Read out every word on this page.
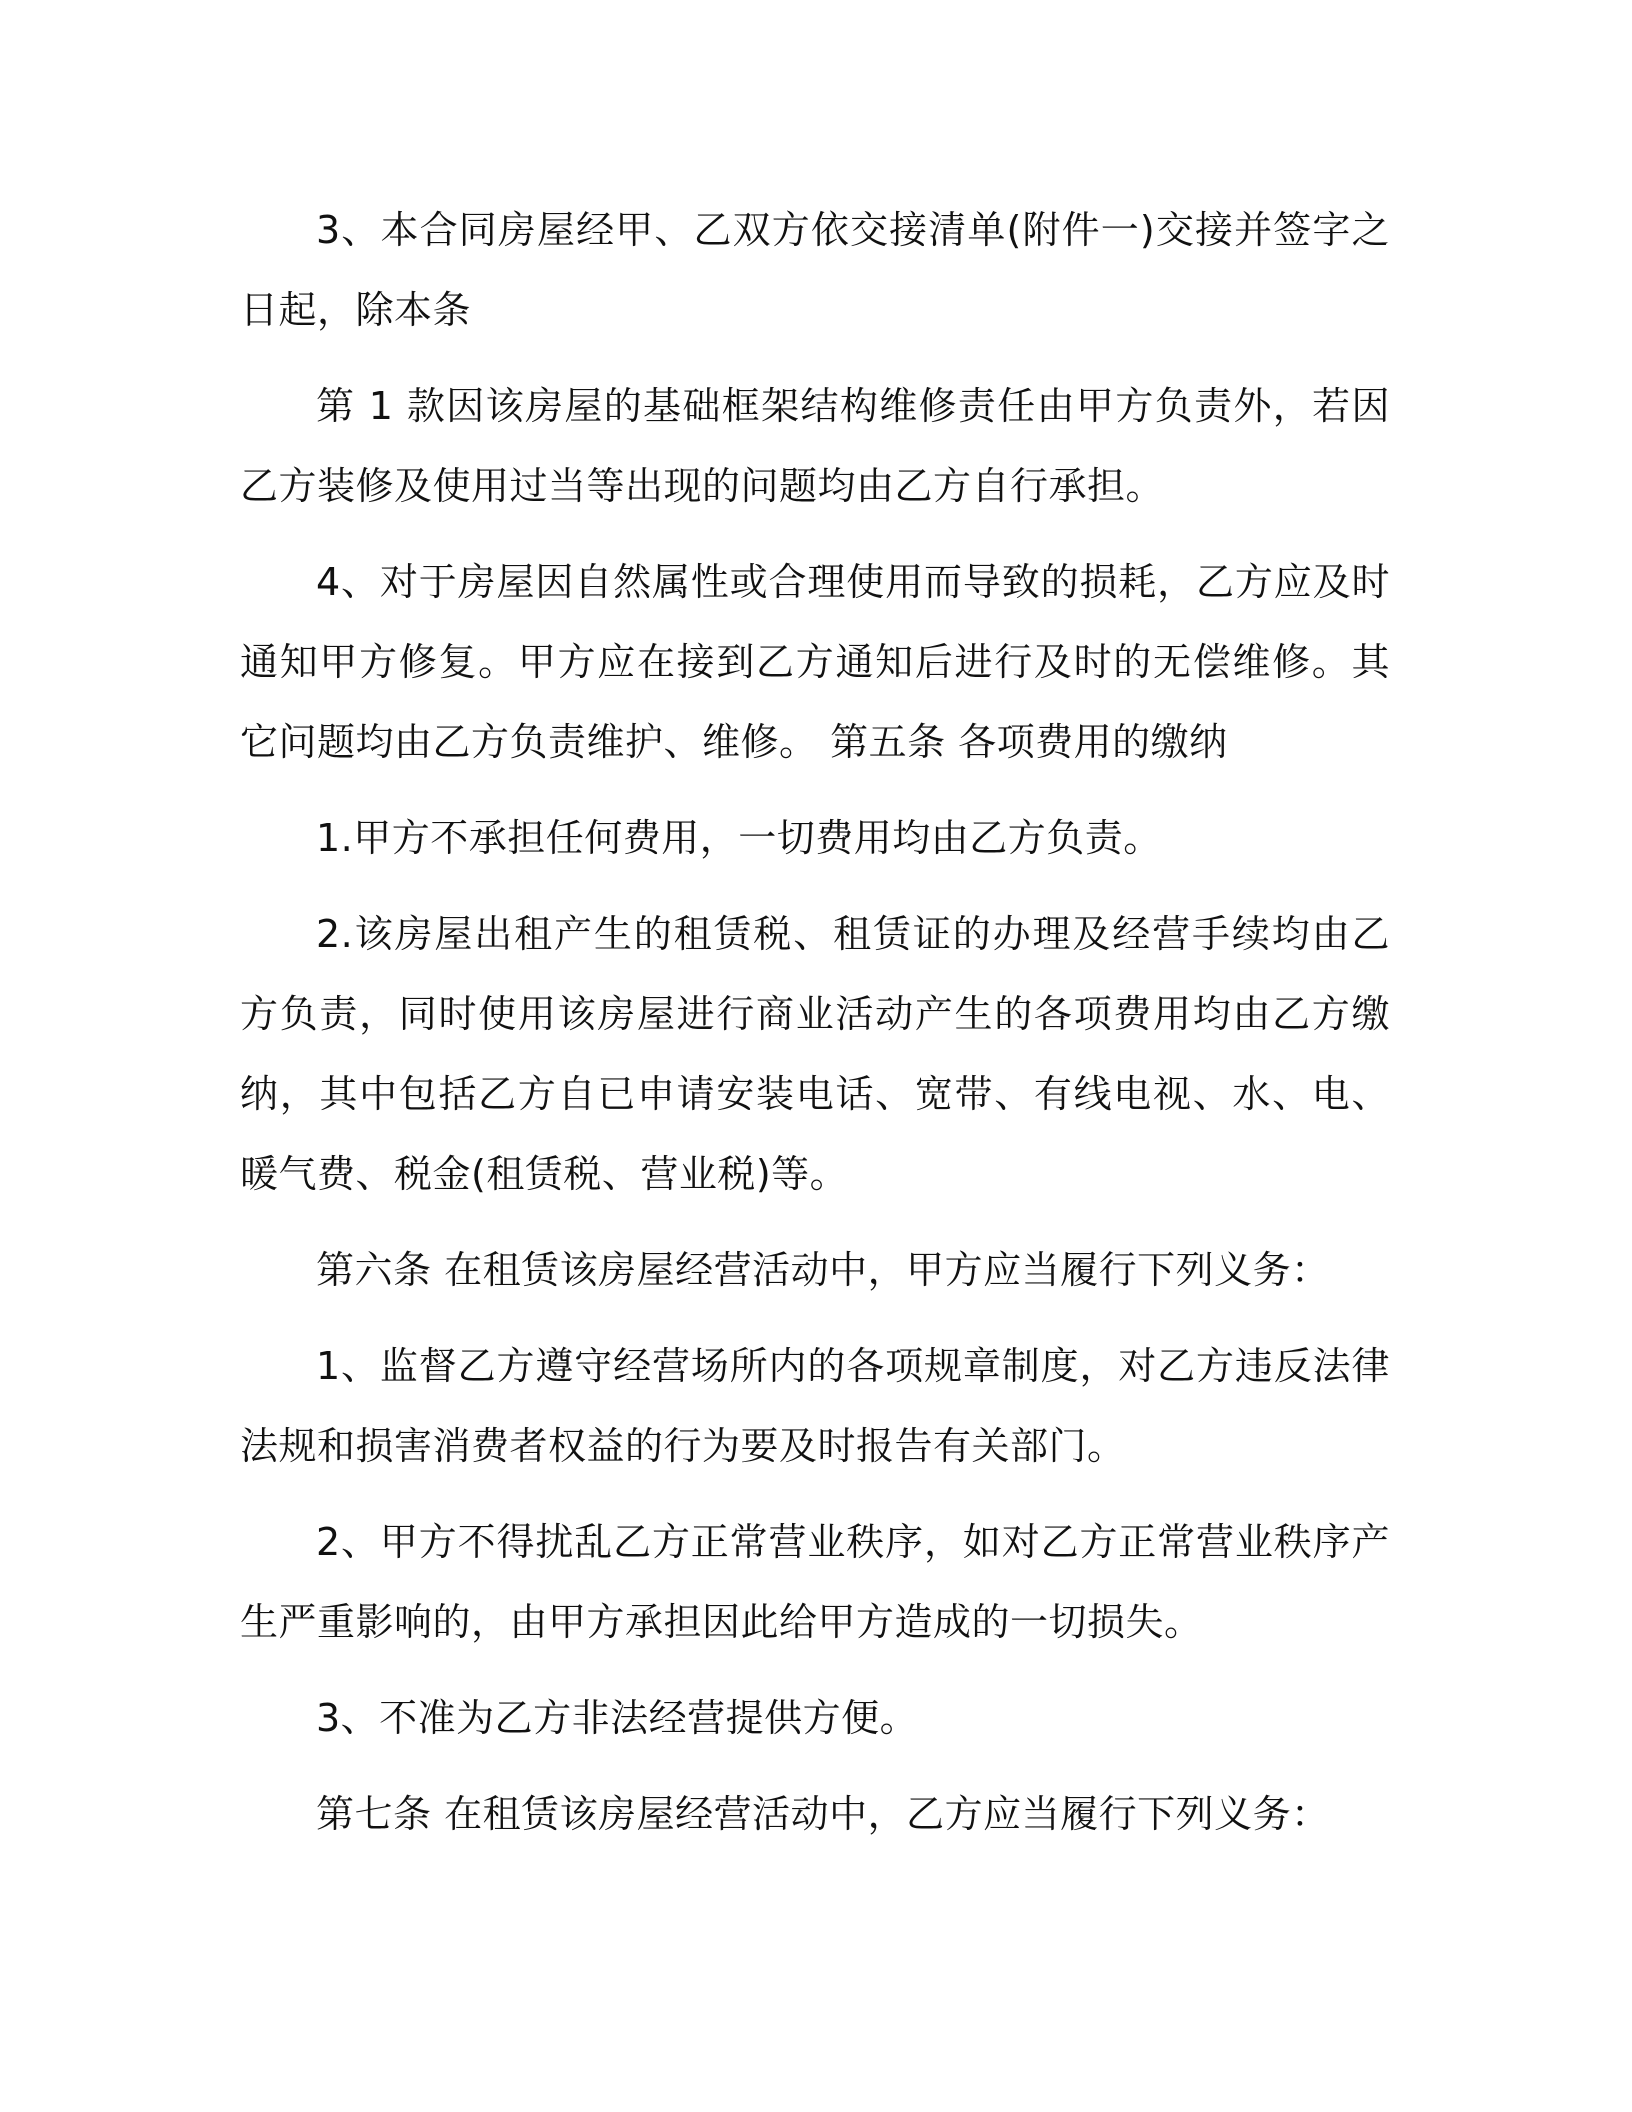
3、本合同房屋经甲、乙双方依交接清单(附件一)交接并签字之日起，除本条

第 1 款因该房屋的基础框架结构维修责任由甲方负责外，若因乙方装修及使用过当等出现的问题均由乙方自行承担。

4、对于房屋因自然属性或合理使用而导致的损耗，乙方应及时通知甲方修复。甲方应在接到乙方通知后进行及时的无偿维修。其它问题均由乙方负责维护、维修。 第五条 各项费用的缴纳

1.甲方不承担任何费用，一切费用均由乙方负责。

2.该房屋出租产生的租赁税、租赁证的办理及经营手续均由乙方负责，同时使用该房屋进行商业活动产生的各项费用均由乙方缴纳，其中包括乙方自已申请安装电话、宽带、有线电视、水、电、暖气费、税金(租赁税、营业税)等。

第六条 在租赁该房屋经营活动中，甲方应当履行下列义务：

1、监督乙方遵守经营场所内的各项规章制度，对乙方违反法律法规和损害消费者权益的行为要及时报告有关部门。

2、甲方不得扰乱乙方正常营业秩序，如对乙方正常营业秩序产生严重影响的，由甲方承担因此给甲方造成的一切损失。

3、不准为乙方非法经营提供方便。

第七条 在租赁该房屋经营活动中，乙方应当履行下列义务：
